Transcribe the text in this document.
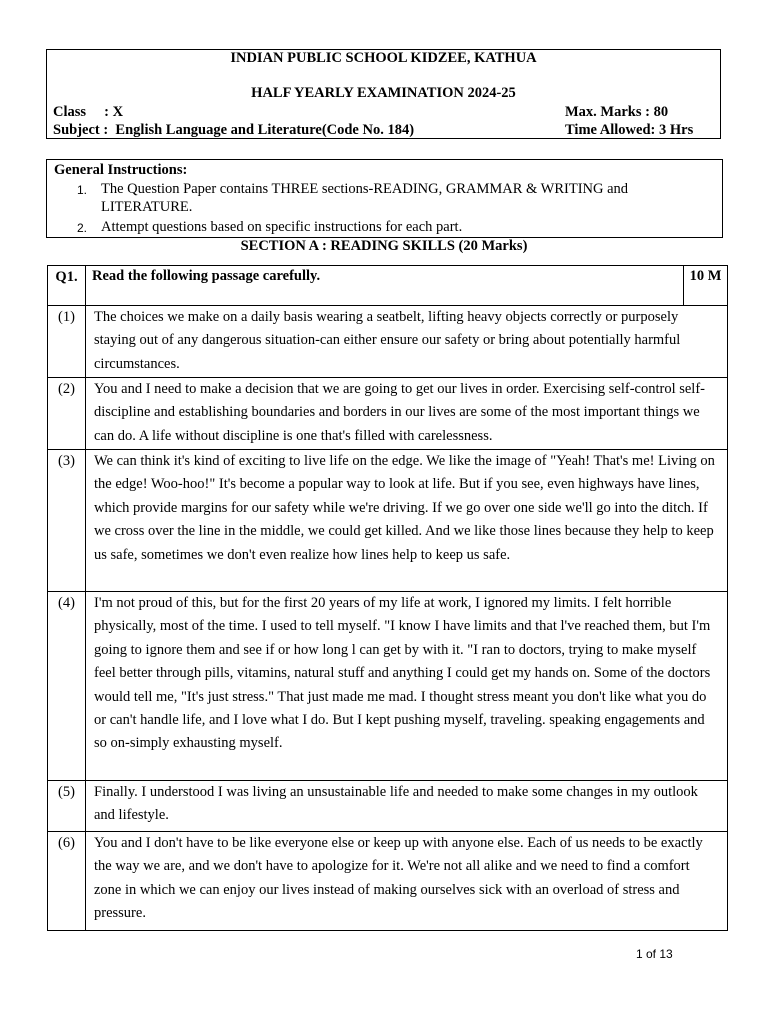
INDIAN PUBLIC SCHOOL KIDZEE, KATHUA
HALF YEARLY EXAMINATION 2024-25
Class     : X	Max. Marks : 80
Subject :  English Language and Literature(Code No. 184)	Time Allowed: 3 Hrs
General Instructions:
1. The Question Paper contains THREE sections-READING, GRAMMAR & WRITING and LITERATURE.
2. Attempt questions based on specific instructions for each part.
SECTION A : READING SKILLS (20 Marks)
Q1.	Read the following passage carefully.	10 M
(1)	The choices we make on a daily basis wearing a seatbelt, lifting heavy objects correctly or purposely staying out of any dangerous situation-can either ensure our safety or bring about potentially harmful circumstances.	
(2)	You and I need to make a decision that we are going to get our lives in order. Exercising self-control self-discipline and establishing boundaries and borders in our lives are some of the most important things we can do. A life without discipline is one that's filled with carelessness.	
(3)	We can think it's kind of exciting to live life on the edge. We like the image of "Yeah! That's me! Living on the edge! Woo-hoo!" It's become a popular way to look at life. But if you see, even highways have lines, which provide margins for our safety while we're driving. If we go over one side we'll go into the ditch. If we cross over the line in the middle, we could get killed. And we like those lines because they help to keep us safe, sometimes we don't even realize how lines help to keep us safe.	
(4)	I'm not proud of this, but for the first 20 years of my life at work, I ignored my limits. I felt horrible physically, most of the time. I used to tell myself. "I know I have limits and that l've reached them, but I'm going to ignore them and see if or how long l can get by with it. "I ran to doctors, trying to make myself feel better through pills, vitamins, natural stuff and anything I could get my hands on. Some of the doctors would tell me, "It's just stress." That just made me mad. I thought stress meant you don't like what you do or can't handle life, and I love what I do. But I kept pushing myself, traveling. speaking engagements and so on-simply exhausting myself.	
(5)	Finally. I understood I was living an unsustainable life and needed to make some changes in my outlook and lifestyle.	
(6)	You and I don't have to be like everyone else or keep up with anyone else. Each of us needs to be exactly the way we are, and we don't have to apologize for it. We're not all alike and we need to find a comfort zone in which we can enjoy our lives instead of making ourselves sick with an overload of stress and pressure.	
1 of 13
